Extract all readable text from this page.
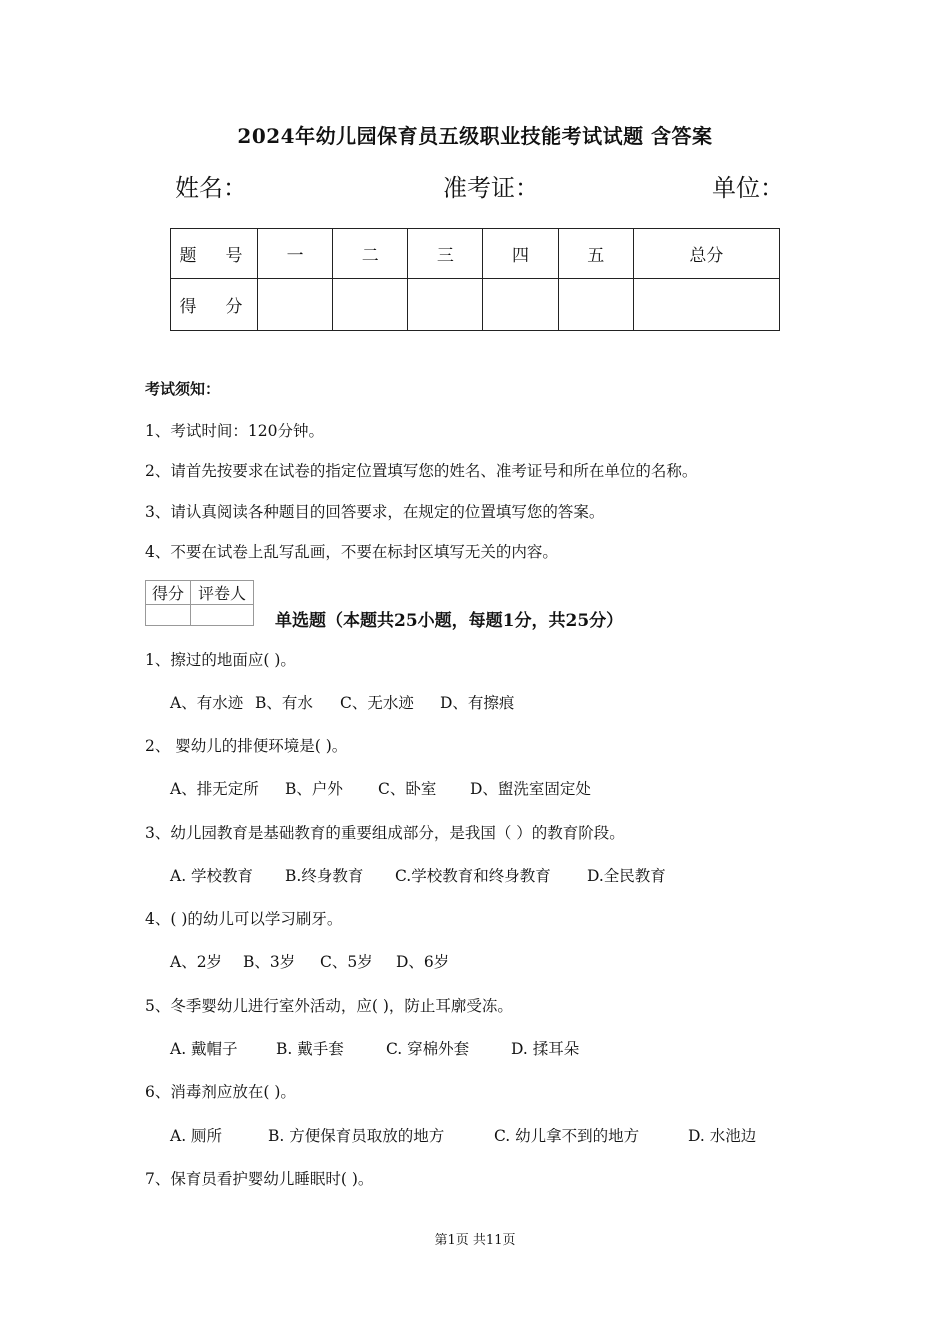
2024年幼儿园保育员五级职业技能考试试题 含答案
姓名：	准考证：	单位：
题　号	一	二	三	四	五	总分
得　分						
考试须知：
1、考试时间：120分钟。
2、请首先按要求在试卷的指定位置填写您的姓名、准考证号和所在单位的名称。
3、请认真阅读各种题目的回答要求，在规定的位置填写您的答案。
4、不要在试卷上乱写乱画，不要在标封区填写无关的内容。
得分	评卷人

单选题（本题共25小题，每题1分，共25分）
1、擦过的地面应( )。
A、有水迹 B、有水 C、无水迹 D、有擦痕
2、 婴幼儿的排便环境是( )。
A、排无定所 B、户外 C、卧室 D、盥洗室固定处
3、幼儿园教育是基础教育的重要组成部分，是我国（ ）的教育阶段。
A. 学校教育 B.终身教育 C.学校教育和终身教育 D.全民教育
4、( )的幼儿可以学习刷牙。
A、2岁 B、3岁 C、5岁 D、6岁
5、冬季婴幼儿进行室外活动，应( )，防止耳廓受冻。
A. 戴帽子 B. 戴手套	C. 穿棉外套	D. 揉耳朵
6、消毒剂应放在( )。
A. 厕所	B. 方便保育员取放的地方	C. 幼儿拿不到的地方	D. 水池边
7、保育员看护婴幼儿睡眠时( )。
第1页 共11页
